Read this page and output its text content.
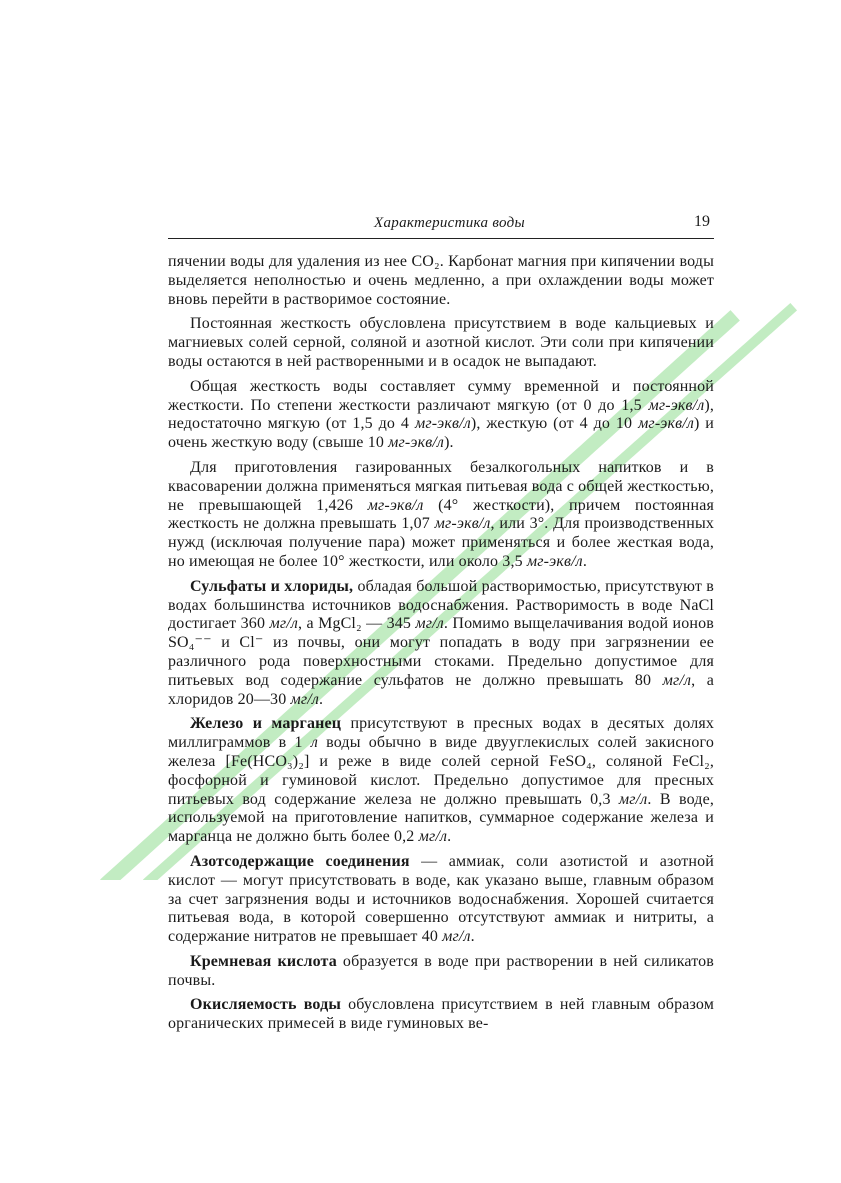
Характеристика воды	19

пячении воды для удаления из нее CO₂. Карбонат магния при кипячении воды выделяется неполностью и очень медленно, а при охлаждении воды может вновь перейти в растворимое состояние.

Постоянная жесткость обусловлена присутствием в воде кальциевых и магниевых солей серной, соляной и азотной кислот. Эти соли при кипячении воды остаются в ней растворенными и в осадок не выпадают.

Общая жесткость воды составляет сумму временной и постоянной жесткости. По степени жесткости различают мягкую (от 0 до 1,5 мг-экв/л), недостаточно мягкую (от 1,5 до 4 мг-экв/л), жесткую (от 4 до 10 мг-экв/л) и очень жесткую воду (свыше 10 мг-экв/л).

Для приготовления газированных безалкогольных напитков и в квасоварении должна применяться мягкая питьевая вода с общей жесткостью, не превышающей 1,426 мг-экв/л (4° жесткости), причем постоянная жесткость не должна превышать 1,07 мг-экв/л, или 3°. Для производственных нужд (исключая получение пара) может применяться и более жесткая вода, но имеющая не более 10° жесткости, или около 3,5 мг-экв/л.

Сульфаты и хлориды, обладая большой растворимостью, присутствуют в водах большинства источников водоснабжения. Растворимость в воде NaCl достигает 360 мг/л, а MgCl₂ — 345 мг/л. Помимо выщелачивания водой ионов SO₄⁻⁻ и Cl⁻ из почвы, они могут попадать в воду при загрязнении ее различного рода поверхностными стоками. Предельно допустимое для питьевых вод содержание сульфатов не должно превышать 80 мг/л, а хлоридов 20—30 мг/л.

Железо и марганец присутствуют в пресных водах в десятых долях миллиграммов в 1 л воды обычно в виде двууглекислых солей закисного железа [Fe(HCO₃)₂] и реже в виде солей серной FeSO₄, соляной FeCl₂, фосфорной и гуминовой кислот. Предельно допустимое для пресных питьевых вод содержание железа не должно превышать 0,3 мг/л. В воде, используемой на приготовление напитков, суммарное содержание железа и марганца не должно быть более 0,2 мг/л.

Азотсодержащие соединения — аммиак, соли азотистой и азотной кислот — могут присутствовать в воде, как указано выше, главным образом за счет загрязнения воды и источников водоснабжения. Хорошей считается питьевая вода, в которой совершенно отсутствуют аммиак и нитриты, а содержание нитратов не превышает 40 мг/л.

Кремневая кислота образуется в воде при растворении в ней силикатов почвы.

Окисляемость воды обусловлена присутствием в ней главным образом органических примесей в виде гуминовых ве-
